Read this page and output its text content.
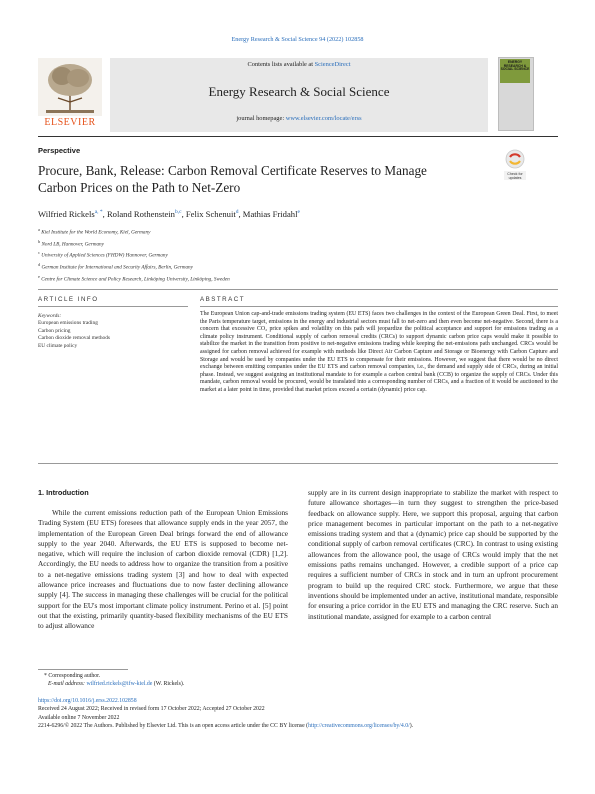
Energy Research & Social Science 94 (2022) 102858
ELSEVIER
Contents lists available at ScienceDirect
Energy Research & Social Science
journal homepage: www.elsevier.com/locate/erss
ENERGY RESEARCH & SOCIAL SCIENCE
Perspective
Procure, Bank, Release: Carbon Removal Certificate Reserves to Manage Carbon Prices on the Path to Net-Zero
Check for
updates
Wilfried Rickels$^{a, *}$, Roland Rothenstein$^{b,c}$, Felix Schenuit$^d$, Mathias Fridahl$^e$
$^a$ Kiel Institute for the World Economy, Kiel, Germany
$^b$ Nord LB, Hannover, Germany
$^c$ University of Applied Sciences (FHDW) Hannover, Germany
$^d$ German Institute for International and Security Affairs, Berlin, Germany
$^e$ Centre for Climate Science and Policy Research, Linköping University, Linköping, Sweden
ARTICLE INFO	ABSTRACT
Keywords:
European emissions trading
Carbon pricing
Carbon dioxide removal methods
EU climate policy
The European Union cap-and-trade emissions trading system (EU ETS) faces two challenges in the context of the European Green Deal. First, to meet the Paris temperature target, emissions in the energy and industrial sectors must fall to net-zero and then even become net-negative. Second, there is a concern that excessive CO₂ price spikes and volatility on this path will jeopardize the political acceptance and support for emissions trading as a climate policy instrument. Conditional supply of carbon removal credits (CRCs) to support dynamic carbon price caps would make it possible to stabilize the market in the transition from positive to net-negative emissions trading while keeping the net-emissions path unchanged. CRCs would be assigned for carbon removal achieved for example with methods like Direct Air Carbon Capture and Storage or Bioenergy with Carbon Capture and Storage and would be used by companies under the EU ETS to compensate for their emissions. However, we suggest that there would be no direct exchange between emitting companies under the EU ETS and carbon removal companies, i.e., the demand and supply side of CRCs, during an initial phase. Instead, we suggest assigning an institutional mandate to for example a carbon central bank (CCB) to organize the supply of CRCs. Under this mandate, carbon removal would be procured, would be translated into a corresponding number of CRCs, and a fraction of it would be auctioned to the market at a later point in time, provided that market prices exceed a certain (dynamic) price cap.
1. Introduction
While the current emissions reduction path of the European Union Emissions Trading System (EU ETS) foresees that allowance supply ends in the year 2057, the implementation of the European Green Deal brings forward the end of allowance supply to the year 2040. Afterwards, the EU ETS is supposed to become net-negative, which will require the inclusion of carbon dioxide removal (CDR) [1,2]. Accordingly, the EU needs to address how to organize the transition from a positive to a net-negative emissions trading system [3] and how to deal with expected allowance price increases and fluctuations due to now faster declining allowance supply [4]. The success in managing these challenges will be crucial for the political support for the EU's most important climate policy instrument. Perino et al. [5] point out that the existing, primarily quantity-based flexibility mechanisms of the EU ETS to adjust allowance
supply are in its current design inappropriate to stabilize the market with respect to future allowance shortages—in turn they suggest to strengthen the price-based feedback on allowance supply. Here, we support this proposal, arguing that carbon price management becomes in particular important on the path to a net-negative emissions trading system and that a (dynamic) price cap should be supported by the conditional supply of carbon removal certificates (CRC). In contrast to using existing allowances from the allowance pool, the usage of CRCs would imply that the net emissions paths remains unchanged. However, a credible support of a price cap requires a sufficient number of CRCs in stock and in turn an upfront procurement program to build up the required CRC stock. Furthermore, we argue that these inventions should be implemented under an active, institutional mandate, responsible for ensuring a price corridor in the EU ETS and managing the CRC reserve. Such an institutional mandate, assigned for example to a carbon central
* Corresponding author.
E-mail address: wilfried.rickels@ifw-kiel.de (W. Rickels).
https://doi.org/10.1016/j.erss.2022.102858
Received 24 August 2022; Received in revised form 17 October 2022; Accepted 27 October 2022
Available online 7 November 2022
2214-6296/© 2022 The Authors. Published by Elsevier Ltd. This is an open access article under the CC BY license (http://creativecommons.org/licenses/by/4.0/).
